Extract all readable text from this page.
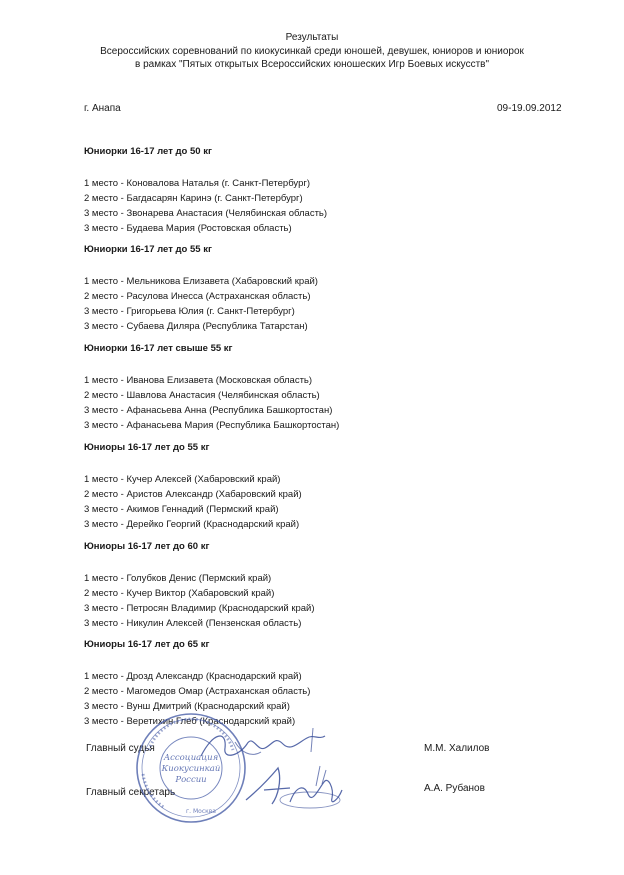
Результаты
Всероссийских соревнований по киокусинкай среди юношей, девушек, юниоров и юниорок
в рамках "Пятых открытых Всероссийских юношеских Игр Боевых искусств"
г. Анапа	09-19.09.2012
Юниорки 16-17 лет до 50 кг
1 место - Коновалова Наталья (г. Санкт-Петербург)
2 место - Багдасарян Каринэ (г. Санкт-Петербург)
3 место - Звонарева Анастасия (Челябинская область)
3 место - Будаева Мария (Ростовская область)
Юниорки 16-17 лет до 55 кг
1 место - Мельникова Елизавета (Хабаровский край)
2 место - Расулова Инесса (Астраханская область)
3 место - Григорьева Юлия (г. Санкт-Петербург)
3 место - Субаева Диляра (Республика Татарстан)
Юниорки 16-17 лет свыше 55 кг
1 место - Иванова Елизавета (Московская область)
2 место - Шавлова Анастасия (Челябинская область)
3 место - Афанасьева Анна (Республика Башкортостан)
3 место - Афанасьева Мария (Республика Башкортостан)
Юниоры 16-17 лет до 55 кг
1 место - Кучер Алексей (Хабаровский край)
2 место - Аристов Александр (Хабаровский край)
3 место - Акимов Геннадий (Пермский край)
3 место - Дерейко Георгий (Краснодарский край)
Юниоры 16-17 лет до 60 кг
1 место - Голубков Денис (Пермский край)
2 место - Кучер Виктор (Хабаровский край)
3 место - Петросян Владимир (Краснодарский край)
3 место - Никулин Алексей (Пензенская область)
Юниоры 16-17 лет до 65 кг
1 место - Дрозд Александр (Краснодарский край)
2 место - Магомедов Омар (Астраханская область)
3 место - Вунш Дмитрий (Краснодарский край)
3 место - Веретихин Глеб (Краснодарский край)
Главный судья	М.М. Халилов
Главный секретарь	А.А. Рубанов
Ассоциация
Киокусинкай
России
г. Москва
